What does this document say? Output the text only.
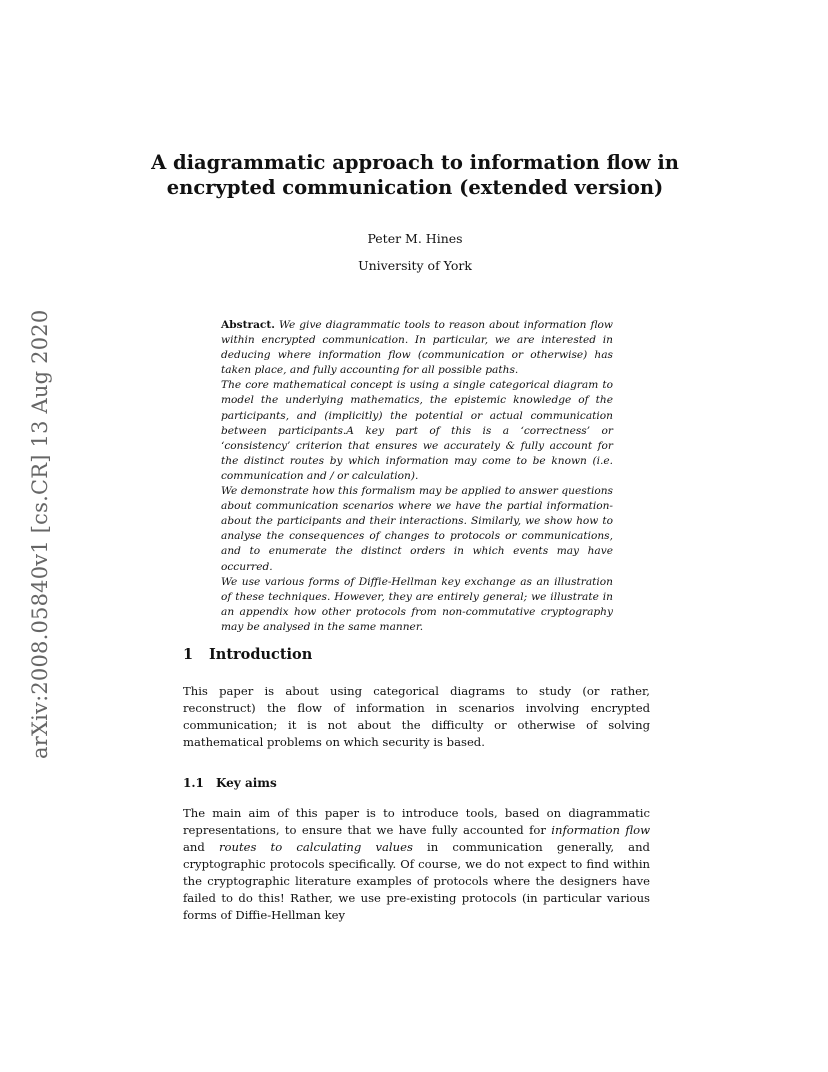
arXiv:2008.05840v1 [cs.CR] 13 Aug 2020
A diagrammatic approach to information flow in
encrypted communication (extended version)
Peter M. Hines
University of York

Abstract. We give diagrammatic tools to reason about information flow within encrypted communication. In particular, we are interested in deducing where information flow (communication or otherwise) has taken place, and fully accounting for all possible paths.

The core mathematical concept is using a single categorical diagram to model the underlying mathematics, the epistemic knowledge of the participants, and (implicitly) the potential or actual communication between participants.A key part of this is a ‘correctness’ or ‘consistency’ criterion that ensures we accurately & fully account for the distinct routes by which information may come to be known (i.e. communication and / or calculation).

We demonstrate how this formalism may be applied to answer questions about communication scenarios where we have the partial information-about the participants and their interactions. Similarly, we show how to analyse the consequences of changes to protocols or communications, and to enumerate the distinct orders in which events may have occurred.

We use various forms of Diffie-Hellman key exchange as an illustration of these techniques. However, they are entirely general; we illustrate in an appendix how other protocols from non-commutative cryptography may be analysed in the same manner.

1 Introduction

This paper is about using categorical diagrams to study (or rather, reconstruct) the flow of information in scenarios involving encrypted communication; it is not about the difficulty or otherwise of solving mathematical problems on which security is based.

1.1 Key aims

The main aim of this paper is to introduce tools, based on diagrammatic representations, to ensure that we have fully accounted for information flow and routes to calculating values in communication generally, and cryptographic protocols specifically. Of course, we do not expect to find within the cryptographic literature examples of protocols where the designers have failed to do this! Rather, we use pre-existing protocols (in particular various forms of Diffie-Hellman key
